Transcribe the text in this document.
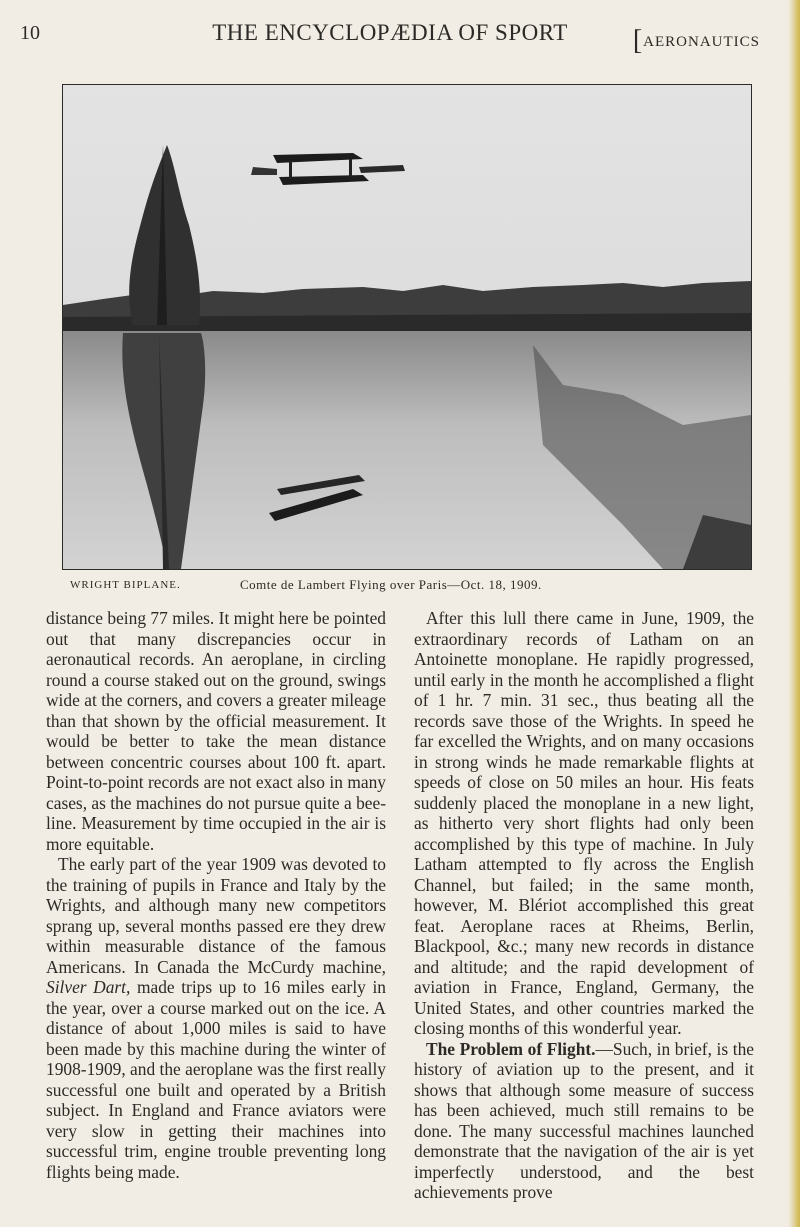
10	THE ENCYCLOPÆDIA OF SPORT	[AERONAUTICS
WRIGHT BIPLANE.	Comte de Lambert Flying over Paris—Oct. 18, 1909.

distance being 77 miles. It might here be pointed out that many discrepancies occur in aeronautical records. An aeroplane, in circling round a course staked out on the ground, swings wide at the corners, and covers a greater mileage than that shown by the official measurement. It would be better to take the mean distance between concentric courses about 100 ft. apart. Point-to-point records are not exact also in many cases, as the machines do not pursue quite a bee-line. Measurement by time occupied in the air is more equitable.

The early part of the year 1909 was devoted to the training of pupils in France and Italy by the Wrights, and although many new competitors sprang up, several months passed ere they drew within measurable distance of the famous Americans. In Canada the McCurdy machine, Silver Dart, made trips up to 16 miles early in the year, over a course marked out on the ice. A distance of about 1,000 miles is said to have been made by this machine during the winter of 1908-1909, and the aeroplane was the first really successful one built and operated by a British subject. In England and France aviators were very slow in getting their machines into successful trim, engine trouble preventing long flights being made.

After this lull there came in June, 1909, the extraordinary records of Latham on an Antoinette monoplane. He rapidly progressed, until early in the month he accomplished a flight of 1 hr. 7 min. 31 sec., thus beating all the records save those of the Wrights. In speed he far excelled the Wrights, and on many occasions in strong winds he made remarkable flights at speeds of close on 50 miles an hour. His feats suddenly placed the monoplane in a new light, as hitherto very short flights had only been accomplished by this type of machine. In July Latham attempted to fly across the English Channel, but failed; in the same month, however, M. Blériot accomplished this great feat. Aeroplane races at Rheims, Berlin, Blackpool, &c.; many new records in distance and altitude; and the rapid development of aviation in France, England, Germany, the United States, and other countries marked the closing months of this wonderful year.

The Problem of Flight.—Such, in brief, is the history of aviation up to the present, and it shows that although some measure of success has been achieved, much still remains to be done. The many successful machines launched demonstrate that the navigation of the air is yet imperfectly understood, and the best achievements prove
